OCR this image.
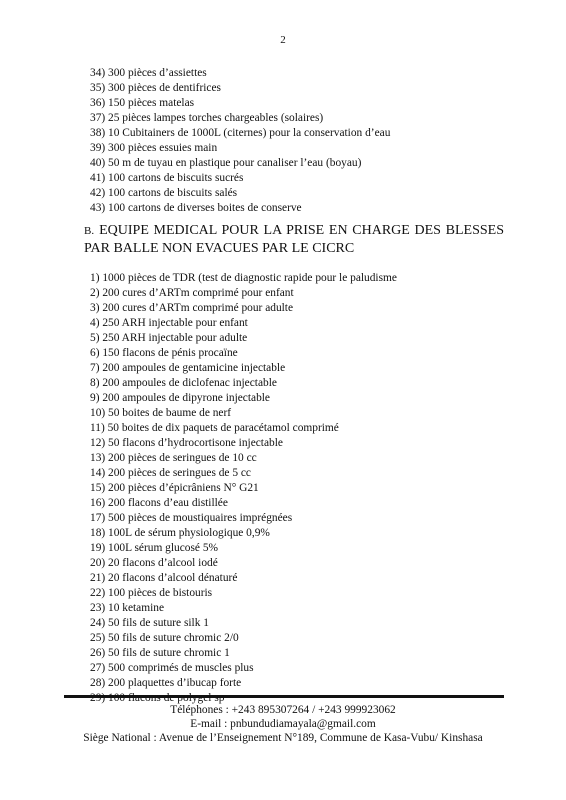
2
34) 300 pièces d’assiettes
35) 300 pièces de dentifrices
36) 150 pièces matelas
37) 25 pièces lampes torches chargeables (solaires)
38) 10 Cubitainers de 1000L (citernes) pour la conservation d’eau
39) 300 pièces essuies main
40) 50 m de tuyau en plastique pour canaliser l’eau (boyau)
41) 100 cartons de biscuits sucrés
42) 100 cartons de biscuits salés
43) 100 cartons de diverses boites de conserve
B. EQUIPE MEDICAL POUR LA PRISE EN CHARGE DES BLESSES PAR BALLE NON EVACUES PAR LE CICRC
1) 1000 pièces de TDR (test de diagnostic rapide pour le paludisme
2) 200 cures d’ARTm comprimé pour enfant
3) 200 cures d’ARTm comprimé pour adulte
4) 250 ARH injectable pour enfant
5) 250 ARH injectable pour adulte
6) 150 flacons de pénis procaïne
7) 200 ampoules de gentamicine injectable
8) 200 ampoules de diclofenac injectable
9) 200 ampoules de dipyrone injectable
10) 50 boites de baume de nerf
11) 50 boites de dix paquets de paracétamol comprimé
12) 50 flacons d’hydrocortisone injectable
13) 200 pièces de seringues de 10 cc
14) 200 pièces de seringues de 5 cc
15) 200 pièces d’épicrâniens N° G21
16) 200 flacons d’eau distillée
17) 500 pièces de moustiquaires imprégnées
18) 100L de sérum physiologique 0,9%
19) 100L sérum glucosé 5%
20) 20 flacons d’alcool iodé
21) 20 flacons d’alcool dénaturé
22) 100 pièces de bistouris
23) 10 ketamine
24) 50 fils de suture silk 1
25) 50 fils de suture chromic 2/0
26) 50 fils de suture chromic 1
27) 500 comprimés de muscles plus
28) 200 plaquettes d’ibucap forte
29) 100 flacons de polygel sp
Téléphones : +243 895307264 / +243 999923062
E-mail : pnbundudiamayala@gmail.com
Siège National : Avenue de l’Enseignement N°189, Commune de Kasa-Vubu/ Kinshasa
